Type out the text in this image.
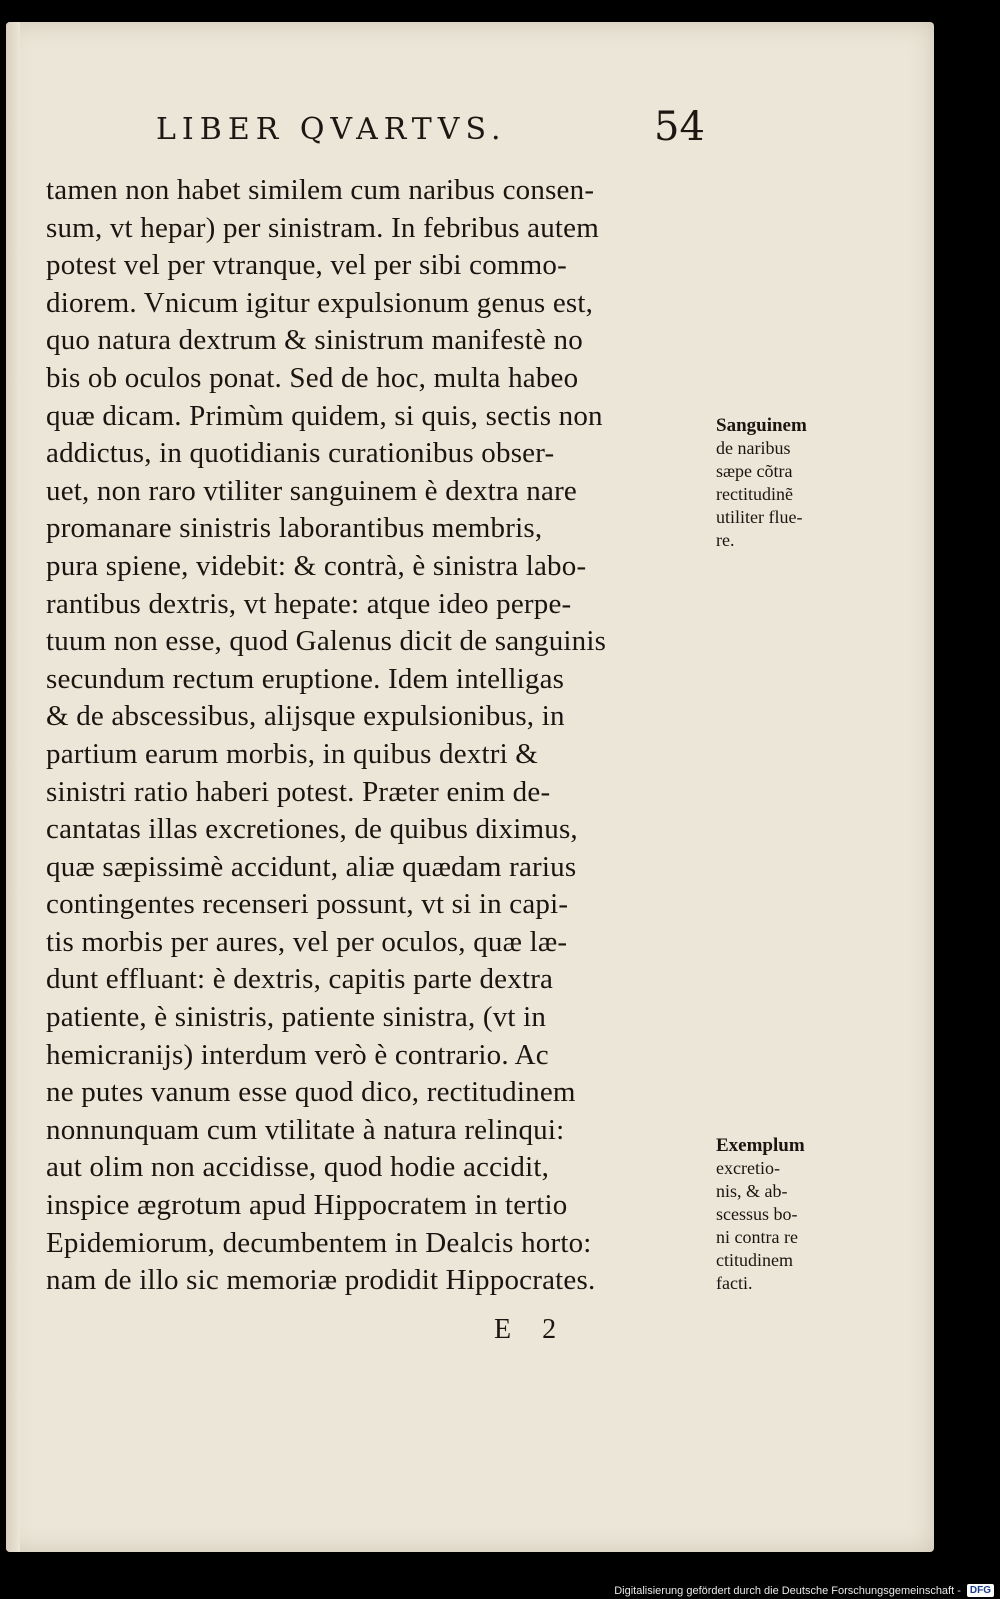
LIBER QVARTVS.	54
tamen non habet similem cum naribus consen-
sum, vt hepar) per sinistram. In febribus autem
potest vel per vtranque, vel per sibi commo-
diorem. Vnicum igitur expulsionum genus est,
quo natura dextrum & sinistrum manifestè no
bis ob oculos ponat. Sed de hoc, multa habeo
quæ dicam. Primùm quidem, si quis, sectis non
addictus, in quotidianis curationibus obser-
uet, non raro vtiliter sanguinem è dextra nare
promanare sinistris laborantibus membris,
pura spiene, videbit: & contrà, è sinistra labo-
rantibus dextris, vt hepate: atque ideo perpe-
tuum non esse, quod Galenus dicit de sanguinis
secundum rectum eruptione. Idem intelligas
& de abscessibus, alijsque expulsionibus, in
partium earum morbis, in quibus dextri &
sinistri ratio haberi potest. Præter enim de-
cantatas illas excretiones, de quibus diximus,
quæ sæpissimè accidunt, aliæ quædam rarius
contingentes recenseri possunt, vt si in capi-
tis morbis per aures, vel per oculos, quæ læ-
dunt effluant: è dextris, capitis parte dextra
patiente, è sinistris, patiente sinistra, (vt in
hemicranijs) interdum verò è contrario. Ac
ne putes vanum esse quod dico, rectitudinem
nonnunquam cum vtilitate à natura relinqui:
aut olim non accidisse, quod hodie accidit,
inspice ægrotum apud Hippocratem in tertio
Epidemiorum, decumbentem in Dealcis horto:
nam de illo sic memoriæ prodidit Hippocrates.
Sanguinem
de naribus
sæpe cõtra
rectitudinẽ
utiliter flue-
re.
Exemplum
excretio-
nis, & ab-
scessus bo-
ni contra re
ctitudinem
facti.
E 2
Digitalisierung gefördert durch die Deutsche Forschungsgemeinschaft - DFG
